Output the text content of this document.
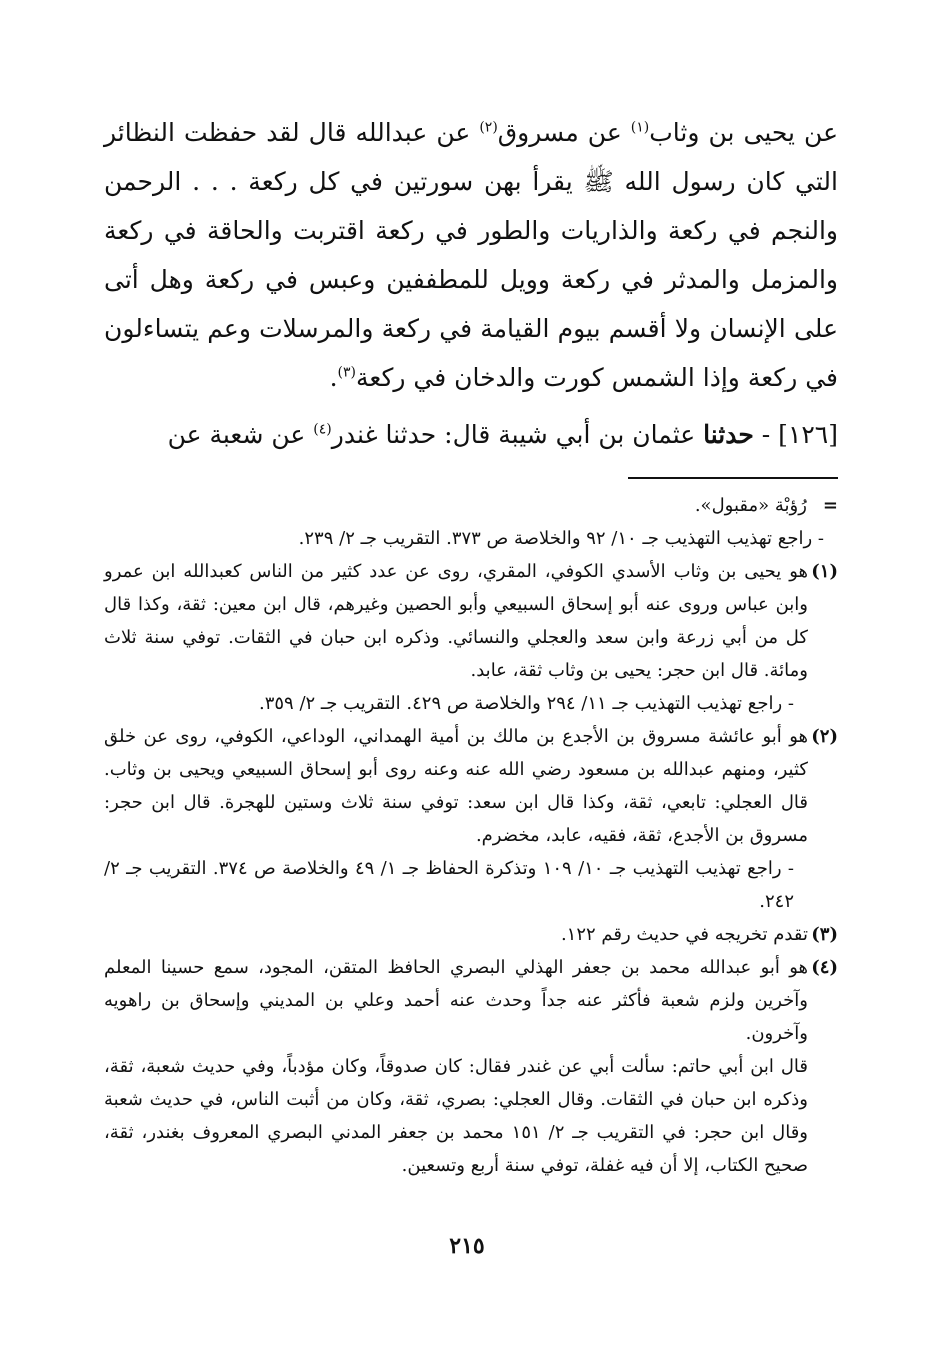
عن يحيى بن وثاب$^{(١)}$ عن مسروق$^{(٢)}$ عن عبدالله قال لقد حفظت النظائر التي كان رسول الله ﷺ يقرأ بهن سورتين في كل ركعة . . . الرحمن والنجم في ركعة والذاريات والطور في ركعة اقتربت والحاقة في ركعة والمزمل والمدثر في ركعة وويل للمطففين وعبس في ركعة وهل أتى على الإنسان ولا أقسم بيوم القيامة في ركعة والمرسلات وعم يتساءلون في ركعة وإذا الشمس كورت والدخان في ركعة$^{(٣)}$.

[١٢٦] - حدثنا عثمان بن أبي شيبة قال: حدثنا غندر$^{(٤)}$ عن شعبة عن

=رُؤبْة «مقبول».

- راجع تهذيب التهذيب جـ ١٠/ ٩٢ والخلاصة ص ٣٧٣. التقريب جـ ٢/ ٢٣٩.

(١)

هو يحيى بن وثاب الأسدي الكوفي، المقري، روى عن عدد كثير من الناس كعبدالله ابن عمرو وابن عباس وروى عنه أبو إسحاق السبيعي وأبو الحصين وغيرهم، قال ابن معين: ثقة، وكذا قال كل من أبي زرعة وابن سعد والعجلي والنسائي. وذكره ابن حبان في الثقات. توفي سنة ثلاث ومائة. قال ابن حجر: يحيى بن وثاب ثقة، عابد.

- راجع تهذيب التهذيب جـ ١١/ ٢٩٤ والخلاصة ص ٤٢٩. التقريب جـ ٢/ ٣٥٩.

(٢)

هو أبو عائشة مسروق بن الأجدع بن مالك بن أمية الهمداني، الوداعي، الكوفي، روى عن خلق كثير، ومنهم عبدالله بن مسعود رضي الله عنه وعنه روى أبو إسحاق السبيعي ويحيى بن وثاب. قال العجلي: تابعي، ثقة، وكذا قال ابن سعد: توفي سنة ثلاث وستين للهجرة. قال ابن حجر: مسروق بن الأجدع، ثقة، فقيه، عابد، مخضرم.

- راجع تهذيب التهذيب جـ ١٠/ ١٠٩ وتذكرة الحفاظ جـ ١/ ٤٩ والخلاصة ص ٣٧٤. التقريب جـ ٢/ ٢٤٢.

(٣)

تقدم تخريجه في حديث رقم ١٢٢.

(٤)

هو أبو عبدالله محمد بن جعفر الهذلي البصري الحافظ المتقن، المجود، سمع حسينا المعلم وآخرين ولزم شعبة فأكثر عنه جداً وحدث عنه أحمد وعلي بن المديني وإسحاق بن راهويه وآخرون.

قال ابن أبي حاتم: سألت أبي عن غندر فقال: كان صدوقاً، وكان مؤدباً، وفي حديث شعبة، ثقة، وذكره ابن حبان في الثقات. وقال العجلي: بصري، ثقة، وكان من أثبت الناس، في حديث شعبة وقال ابن حجر: في التقريب جـ ٢/ ١٥١ محمد بن جعفر المدني البصري المعروف بغندر، ثقة، صحيح الكتاب، إلا أن فيه غفلة، توفي سنة أربع وتسعين.

٢١٥
